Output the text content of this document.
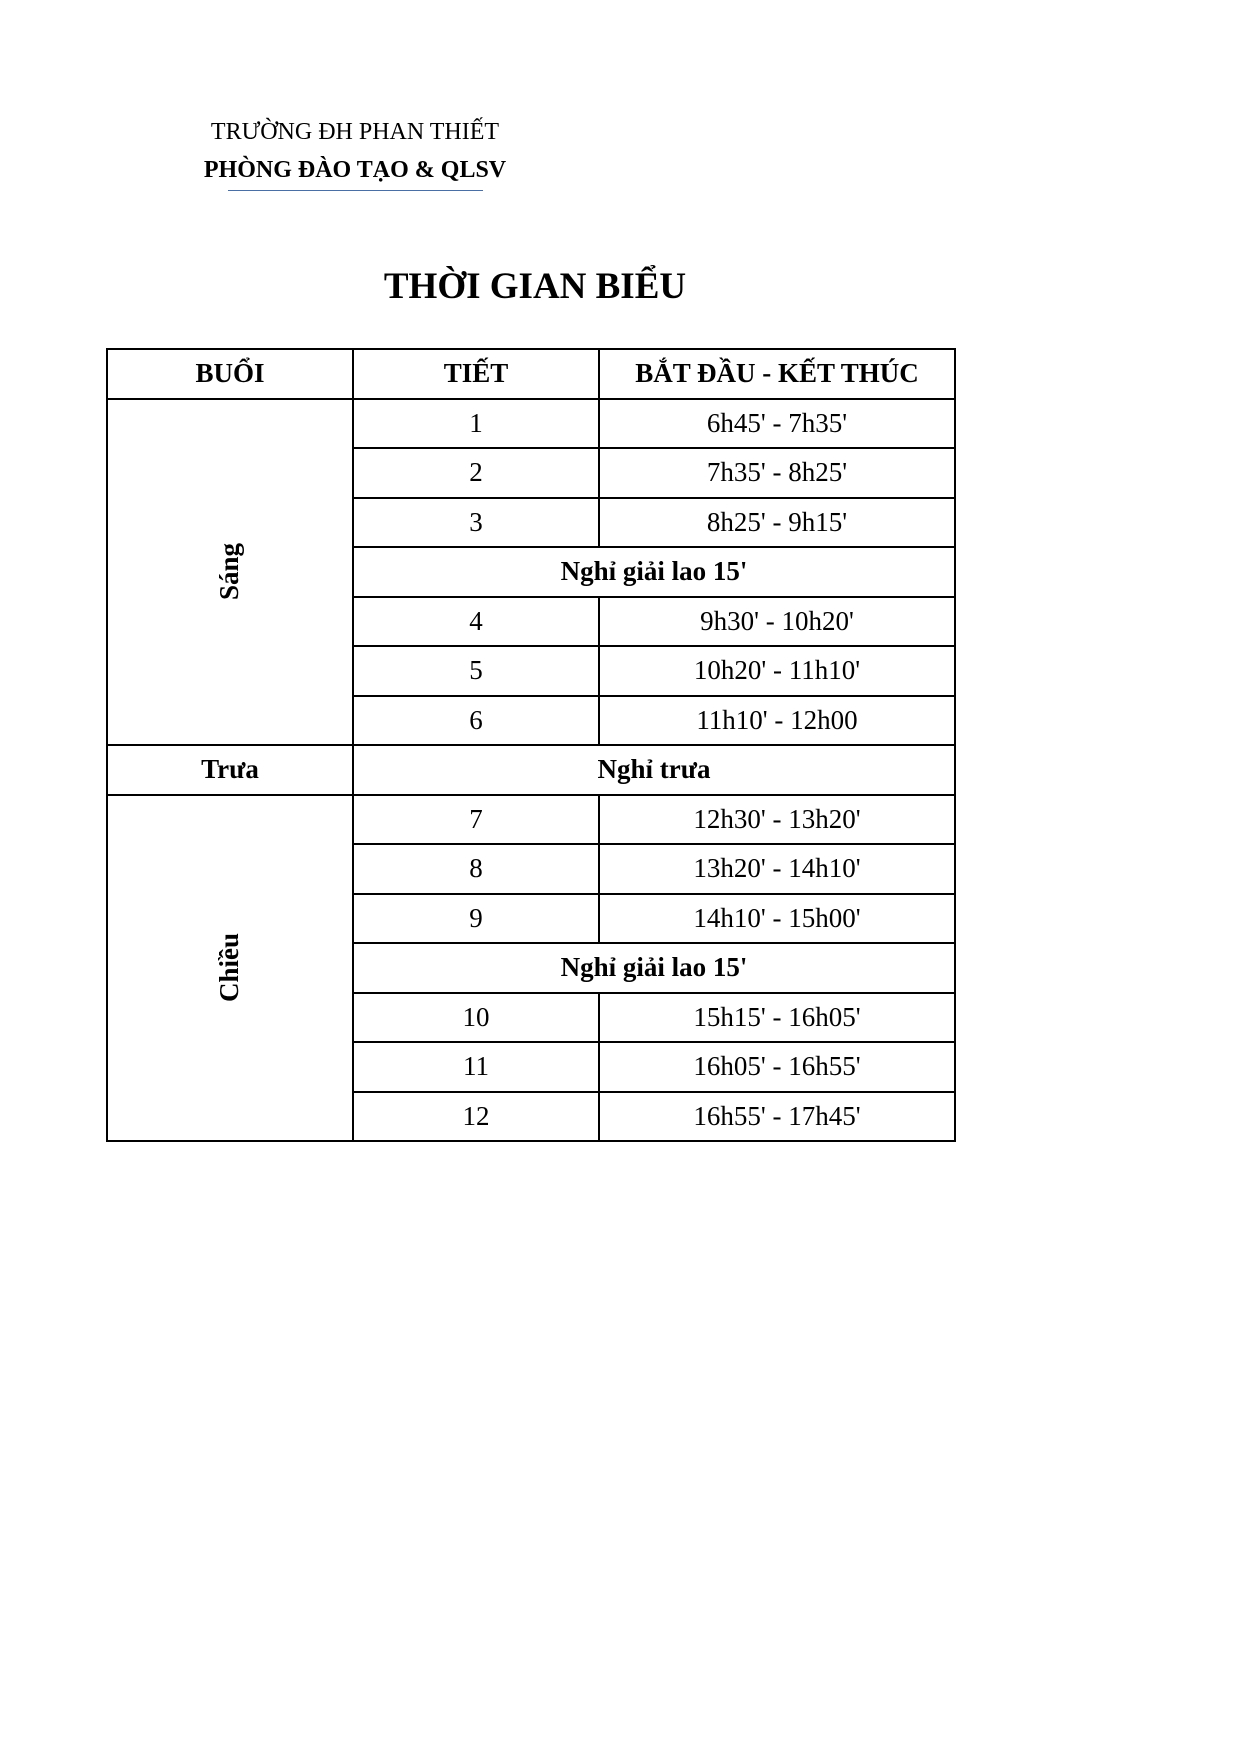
TRƯỜNG ĐH PHAN THIẾT
PHÒNG ĐÀO TẠO & QLSV
THỜI GIAN BIỂU
BUỔI	TIẾT	BẮT ĐẦU - KẾT THÚC
Sáng	1	6h45' - 7h35'
	2	7h35' - 8h25'
	3	8h25' - 9h15'
	Nghỉ giải lao 15'	
	4	9h30' - 10h20'
	5	10h20' - 11h10'
	6	11h10' - 12h00
Trưa	Nghỉ trưa	
Chiều	7	12h30' - 13h20'
	8	13h20' - 14h10'
	9	14h10' - 15h00'
	Nghỉ giải lao 15'	
	10	15h15' - 16h05'
	11	16h05' - 16h55'
	12	16h55' - 17h45'
